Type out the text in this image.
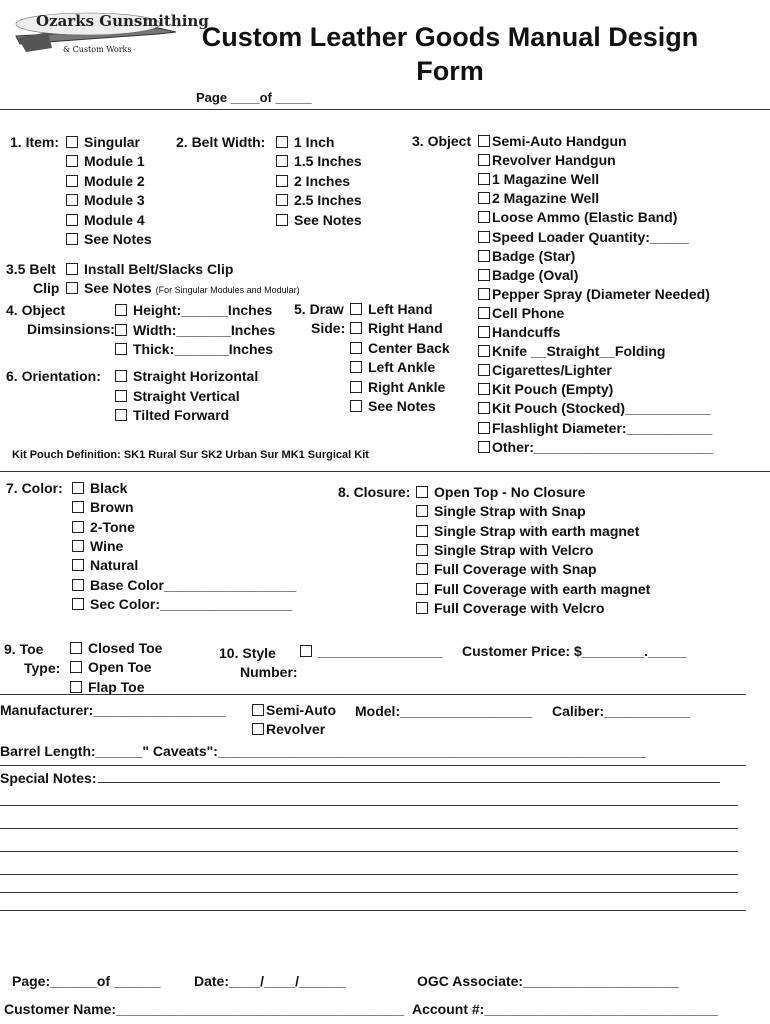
Ozarks Gunsmithing
& Custom Works	Custom Leather Goods Manual Design Form
Page ____of _____
1. Item:	Singular
Module 1
Module 2
Module 3
Module 4
See Notes
2. Belt Width:	1 Inch
1.5 Inches
2 Inches
2.5 Inches
See Notes
3. Object	Semi-Auto Handgun
Revolver Handgun
1 Magazine Well
2 Magazine Well
Loose Ammo (Elastic Band)
Speed Loader Quantity:_____
Badge (Star)
Badge (Oval)
Pepper Spray (Diameter Needed)
Cell Phone
Handcuffs
Knife __Straight__Folding
Cigarettes/Lighter
Kit Pouch (Empty)
Kit Pouch (Stocked)___________
Flashlight Diameter:___________
Other:_______________________
3.5 Belt
Clip
Install Belt/Slacks Clip
See Notes (For Singular Modules and Modular)
4. Object
Dimsinsions:
Height:______Inches
Width:_______Inches
Thick:_______Inches
5. Draw
Side:
Left Hand
Right Hand
Center Back
Left Ankle
Right Ankle
See Notes
6. Orientation:	Straight Horizontal
Straight Vertical
Tilted Forward
Kit Pouch Definition: SK1 Rural Sur SK2 Urban Sur MK1 Surgical Kit
7. Color:	Black
Brown
2-Tone
Wine
Natural
Base Color_________________
Sec Color:_________________
8. Closure:	Open Top - No Closure
Single Strap with Snap
Single Strap with earth magnet
Single Strap with Velcro
Full Coverage with Snap
Full Coverage with earth magnet
Full Coverage with Velcro
9. Toe
Type:
Closed Toe
Open Toe
Flap Toe
10. Style
Number:
________________ Customer Price: $________._____
Manufacturer:_________________	Semi-Auto
Revolver
Model:_________________ Caliber:___________
Barrel Length:______" Caveats":_______________________________________________________
Special Notes:
Page:______of ______ Date:____/____/______	OGC Associate:____________________
Customer Name:_____________________________________ Account #:______________________________
